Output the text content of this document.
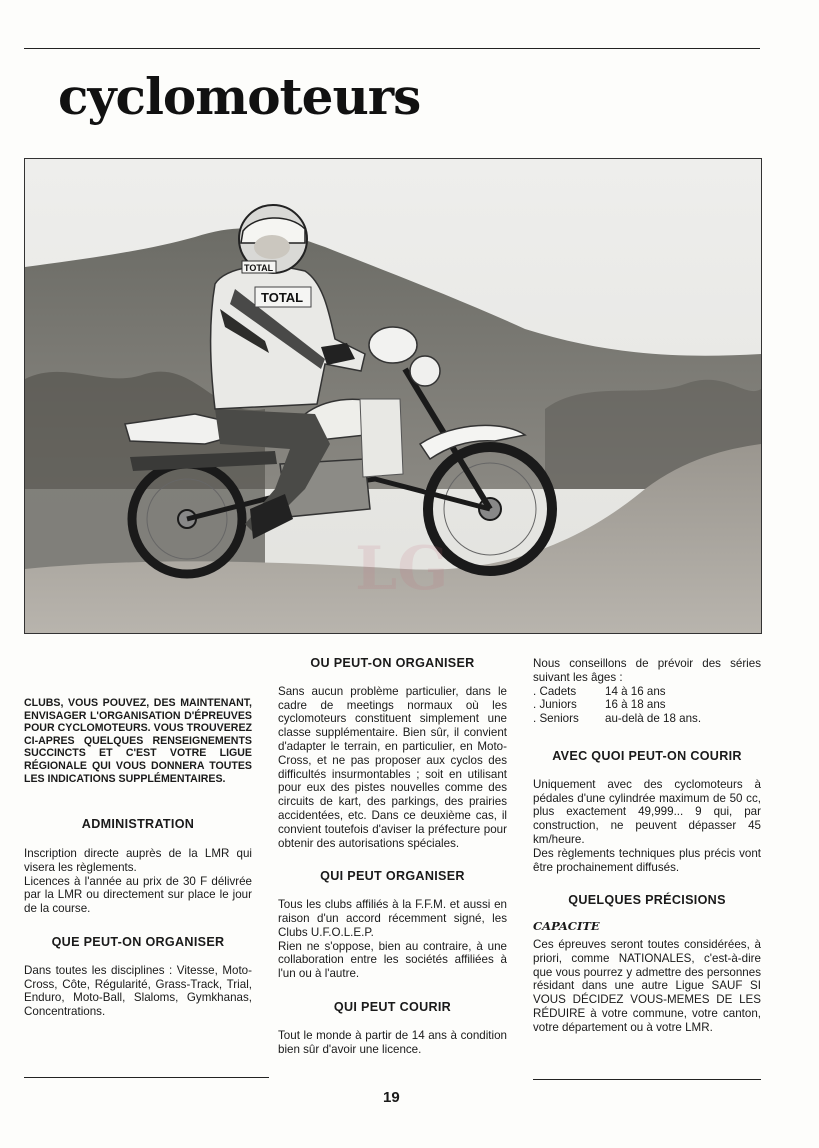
cyclomoteurs
TOTAL
TOTAL
LG

CLUBS, VOUS POUVEZ, DES MAINTENANT, ENVISAGER L'ORGANISATION D'ÉPREUVES POUR CYCLOMOTEURS. VOUS TROUVEREZ CI-APRES QUELQUES RENSEIGNEMENTS SUCCINCTS ET C'EST VOTRE LIGUE RÉGIONALE QUI VOUS DONNERA TOUTES LES INDICATIONS SUPPLÉMENTAIRES.

ADMINISTRATION

Inscription directe auprès de la LMR qui visera les règlements.

Licences à l'année au prix de 30 F délivrée par la LMR ou directement sur place le jour de la course.

QUE PEUT-ON ORGANISER

Dans toutes les disciplines : Vitesse, Moto-Cross, Côte, Régularité, Grass-Track, Trial, Enduro, Moto-Ball, Slaloms, Gymkhanas, Concentrations.

OU PEUT-ON ORGANISER

Sans aucun problème particulier, dans le cadre de meetings normaux où les cyclomoteurs constituent simplement une classe supplémentaire. Bien sûr, il convient d'adapter le terrain, en particulier, en Moto-Cross, et ne pas proposer aux cyclos des difficultés insurmontables ; soit en utilisant pour eux des pistes nouvelles comme des circuits de kart, des parkings, des prairies accidentées, etc. Dans ce deuxième cas, il convient toutefois d'aviser la préfecture pour obtenir des autorisations spéciales.

QUI PEUT ORGANISER

Tous les clubs affiliés à la F.F.M. et aussi en raison d'un accord récemment signé, les Clubs U.F.O.L.E.P.

Rien ne s'oppose, bien au contraire, à une collaboration entre les sociétés affiliées à l'un ou à l'autre.

QUI PEUT COURIR

Tout le monde à partir de 14 ans à condition bien sûr d'avoir une licence.

Nous conseillons de prévoir des séries suivant les âges :

. Cadets	14 à 16 ans
. Juniors	16 à 18 ans
. Seniors	au-delà de 18 ans.

AVEC QUOI PEUT-ON COURIR

Uniquement avec des cyclomoteurs à pédales d'une cylindrée maximum de 50 cc, plus exactement 49,999... 9 qui, par construction, ne peuvent dépasser 45 km/heure.

Des règlements techniques plus précis vont être prochainement diffusés.

QUELQUES PRÉCISIONS

CAPACITE

Ces épreuves seront toutes considérées, à priori, comme NATIONALES, c'est-à-dire que vous pourrez y admettre des personnes résidant dans une autre Ligue SAUF SI VOUS DÉCIDEZ VOUS-MEMES DE LES RÉDUIRE à votre commune, votre canton, votre département ou à votre LMR.

19
